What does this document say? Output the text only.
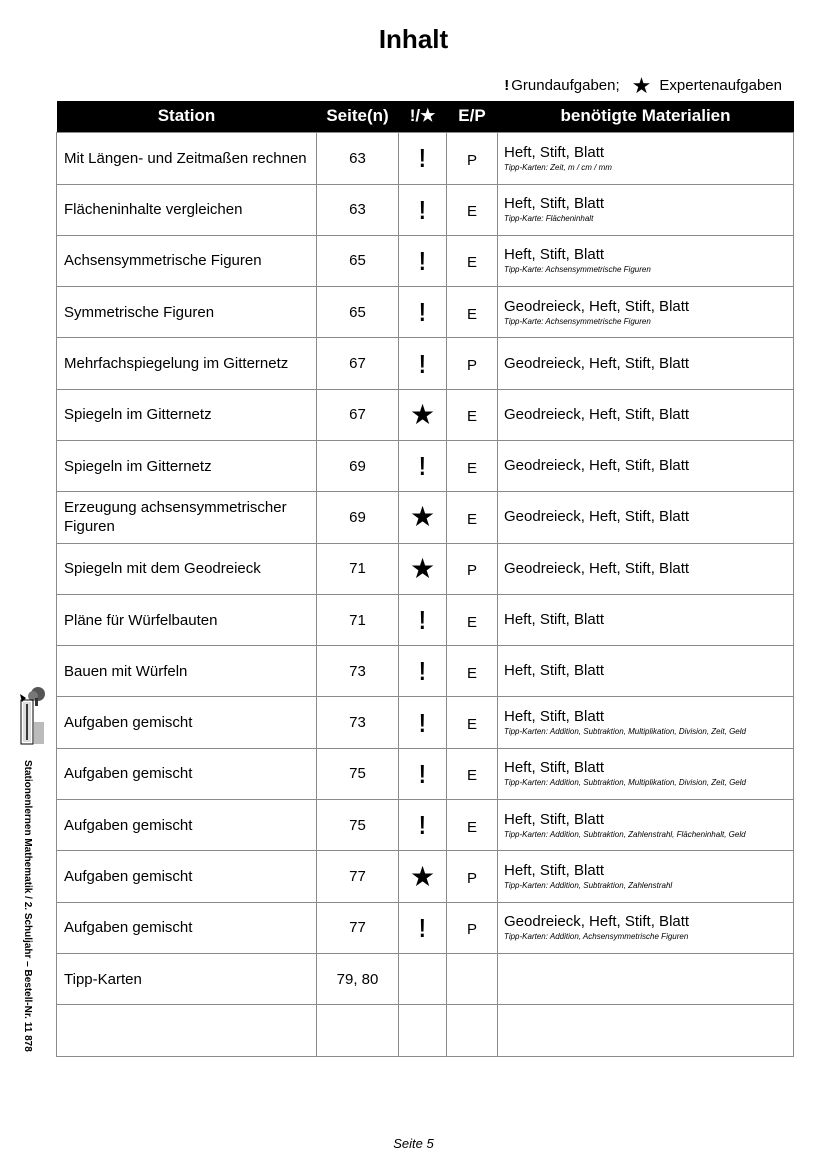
Inhalt
! Grundaufgaben; ★ Expertenaufgaben
Station	Seite(n)	!/★	E/P	benötigte Materialien
Mit Längen- und Zeitmaßen rechnen	63	!	P	Heft, Stift, Blatt
Tipp-Karten: Zeit, m / cm / mm

Flächeninhalte vergleichen	63	!	E	Heft, Stift, Blatt
Tipp-Karte: Flächeninhalt

Achsensymmetrische Figuren	65	!	E	Heft, Stift, Blatt
Tipp-Karte: Achsensymmetrische Figuren

Symmetrische Figuren	65	!	E	Geodreieck, Heft, Stift, Blatt
Tipp-Karte: Achsensymmetrische Figuren

Mehrfachspiegelung im Gitternetz	67	!	P	Geodreieck, Heft, Stift, Blatt

Spiegeln im Gitternetz	67	★	E	Geodreieck, Heft, Stift, Blatt

Spiegeln im Gitternetz	69	!	E	Geodreieck, Heft, Stift, Blatt

Erzeugung achsensymmetrischer Figuren	69	★	E	Geodreieck, Heft, Stift, Blatt

Spiegeln mit dem Geodreieck	71	★	P	Geodreieck, Heft, Stift, Blatt

Pläne für Würfelbauten	71	!	E	Heft, Stift, Blatt

Bauen mit Würfeln	73	!	E	Heft, Stift, Blatt

Aufgaben gemischt	73	!	E	Heft, Stift, Blatt
Tipp-Karten: Addition, Subtraktion, Multiplikation, Division, Zeit, Geld

Aufgaben gemischt	75	!	E	Heft, Stift, Blatt
Tipp-Karten: Addition, Subtraktion, Multiplikation, Division, Zeit, Geld

Aufgaben gemischt	75	!	E	Heft, Stift, Blatt
Tipp-Karten: Addition, Subtraktion, Zahlenstrahl, Flächeninhalt, Geld

Aufgaben gemischt	77	★	P	Heft, Stift, Blatt
Tipp-Karten: Addition, Subtraktion, Zahlenstrahl

Aufgaben gemischt	77	!	P	Geodreieck, Heft, Stift, Blatt
Tipp-Karten: Addition, Achsensymmetrische Figuren

Tipp-Karten	79, 80			

Stationenlernen Mathematik / 2. Schuljahr – Bestell-Nr. 11 878
Seite 5
